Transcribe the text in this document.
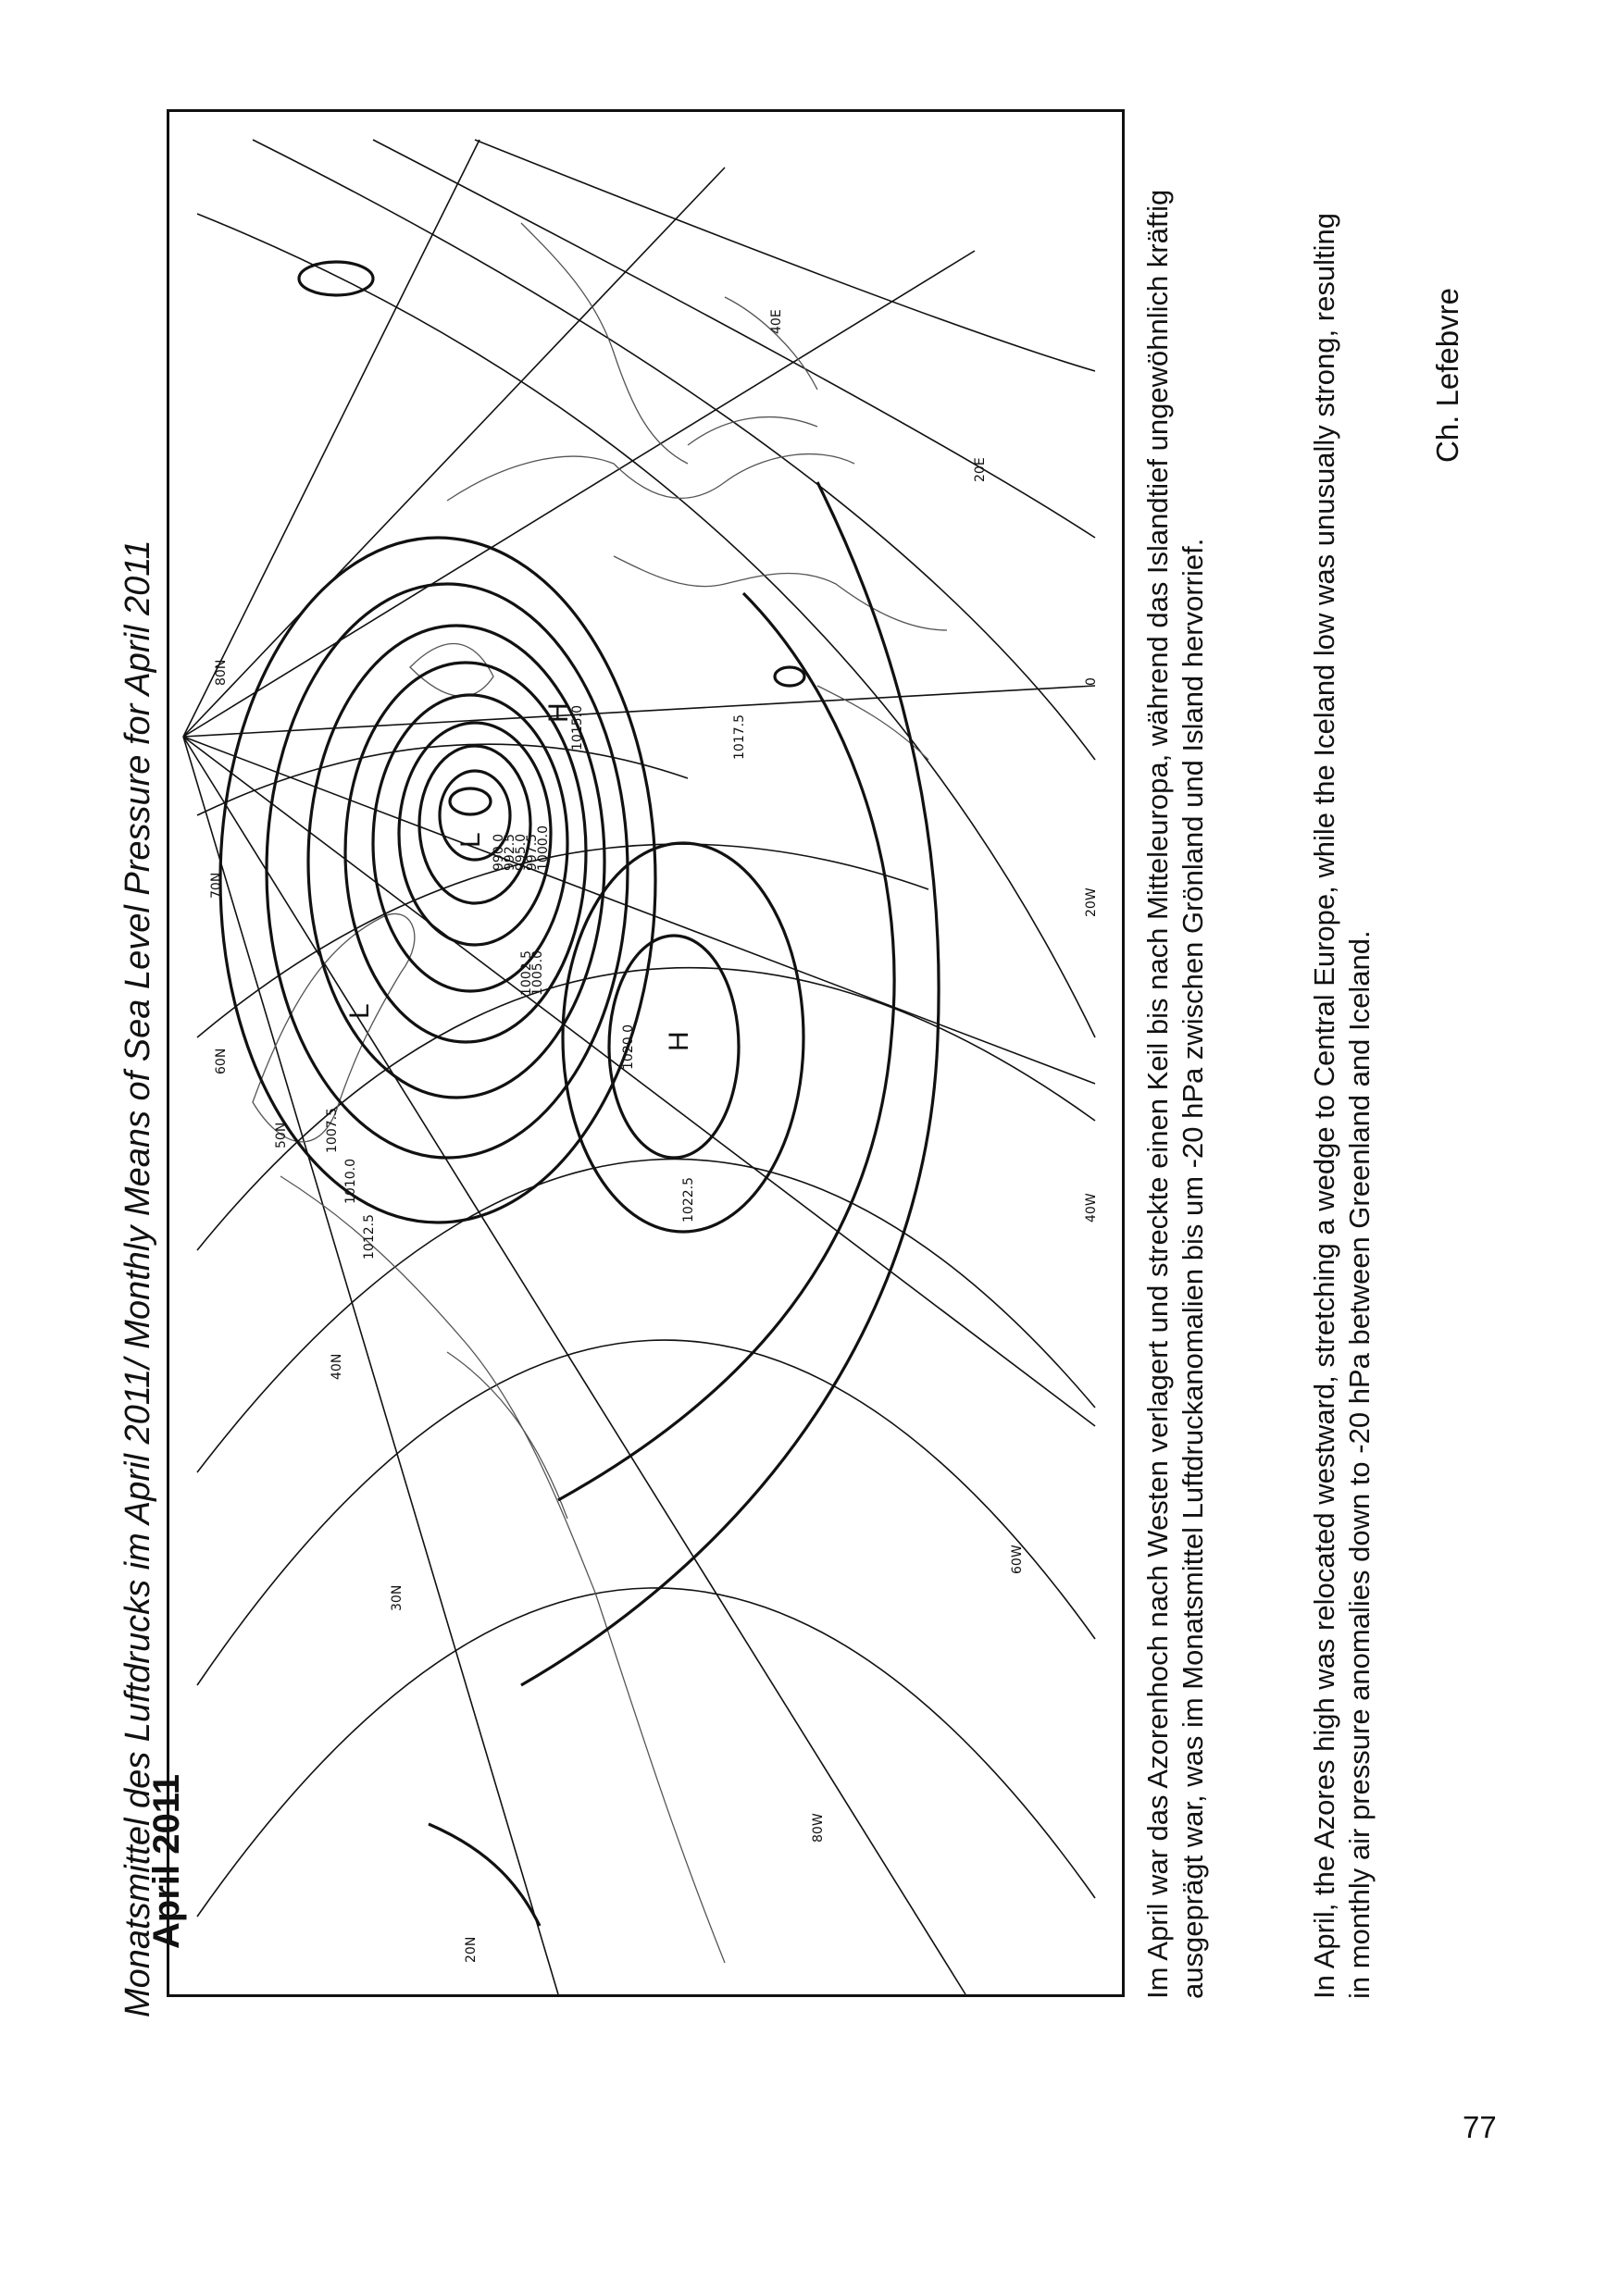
Monatsmittel des Luftdrucks im April 2011/ Monthly Means of Sea Level Pressure for April 2011	H
H
L
L
990.0
992.5
995.0
997.5
1000.0
1002.5
1005.0
1007.5
1010.0
1012.5
1015.0	1017.5
1020.0
1022.5
20N
30N
40N
50N
60N
70N
80N
80W
60W
40W
20W
0
20E
40E
April 2011	Im April war das Azorenhoch nach Westen verlagert und streckte einen Keil bis nach Mitteleuropa, während das Islandtief ungewöhnlich kräftig ausgeprägt war, was im Monatsmittel Luftdruckanomalien bis um -20 hPa zwischen Grönland und Island hervorrief.	In April, the Azores high was relocated westward, stretching a wedge to Central Europe, while the Iceland low was unusually strong, resulting in monthly air pressure anomalies down to -20 hPa between Greenland and Iceland.
Ch. Lefebvre
77
